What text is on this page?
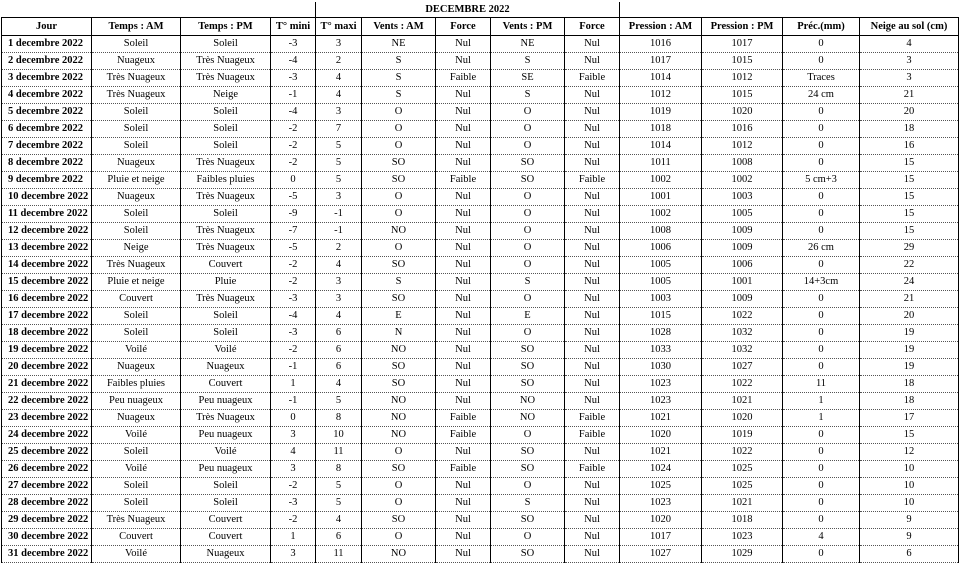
				DECEMBRE 2022								
Jour	Temps : AM	Temps : PM	T° mini	T° maxi	Vents : AM	Force	Vents : PM	Force	Pression : AM	Pression : PM	Préc.(mm)	Neige au sol (cm)
1 decembre 2022	Soleil	Soleil	-3	3	NE	Nul	NE	Nul	1016	1017	0	4
2 decembre 2022	Nuageux	Très Nuageux	-4	2	S	Nul	S	Nul	1017	1015	0	3
3 decembre 2022	Très Nuageux	Très Nuageux	-3	4	S	Faible	SE	Faible	1014	1012	Traces	3
4 decembre 2022	Très Nuageux	Neige	-1	4	S	Nul	S	Nul	1012	1015	24 cm	21
5 decembre 2022	Soleil	Soleil	-4	3	O	Nul	O	Nul	1019	1020	0	20
6 decembre 2022	Soleil	Soleil	-2	7	O	Nul	O	Nul	1018	1016	0	18
7 decembre 2022	Soleil	Soleil	-2	5	O	Nul	O	Nul	1014	1012	0	16
8 decembre 2022	Nuageux	Très Nuageux	-2	5	SO	Nul	SO	Nul	1011	1008	0	15
9 decembre 2022	Pluie et neige	Faibles pluies	0	5	SO	Faible	SO	Faible	1002	1002	5 cm+3	15
10 decembre 2022	Nuageux	Très Nuageux	-5	3	O	Nul	O	Nul	1001	1003	0	15
11 decembre 2022	Soleil	Soleil	-9	-1	O	Nul	O	Nul	1002	1005	0	15
12 decembre 2022	Soleil	Très Nuageux	-7	-1	NO	Nul	O	Nul	1008	1009	0	15
13 decembre 2022	Neige	Très Nuageux	-5	2	O	Nul	O	Nul	1006	1009	26 cm	29
14 decembre 2022	Très Nuageux	Couvert	-2	4	SO	Nul	O	Nul	1005	1006	0	22
15 decembre 2022	Pluie et neige	Pluie	-2	3	S	Nul	S	Nul	1005	1001	14+3cm	24
16 decembre 2022	Couvert	Très Nuageux	-3	3	SO	Nul	O	Nul	1003	1009	0	21
17 decembre 2022	Soleil	Soleil	-4	4	E	Nul	E	Nul	1015	1022	0	20
18 decembre 2022	Soleil	Soleil	-3	6	N	Nul	O	Nul	1028	1032	0	19
19 decembre 2022	Voilé	Voilé	-2	6	NO	Nul	SO	Nul	1033	1032	0	19
20 decembre 2022	Nuageux	Nuageux	-1	6	SO	Nul	SO	Nul	1030	1027	0	19
21 decembre 2022	Faibles pluies	Couvert	1	4	SO	Nul	SO	Nul	1023	1022	11	18
22 decembre 2022	Peu nuageux	Peu nuageux	-1	5	NO	Nul	NO	Nul	1023	1021	1	18
23 decembre 2022	Nuageux	Très Nuageux	0	8	NO	Faible	NO	Faible	1021	1020	1	17
24 decembre 2022	Voilé	Peu nuageux	3	10	NO	Faible	O	Faible	1020	1019	0	15
25 decembre 2022	Soleil	Voilé	4	11	O	Nul	SO	Nul	1021	1022	0	12
26 decembre 2022	Voilé	Peu nuageux	3	8	SO	Faible	SO	Faible	1024	1025	0	10
27 decembre 2022	Soleil	Soleil	-2	5	O	Nul	O	Nul	1025	1025	0	10
28 decembre 2022	Soleil	Soleil	-3	5	O	Nul	S	Nul	1023	1021	0	10
29 decembre 2022	Très Nuageux	Couvert	-2	4	SO	Nul	SO	Nul	1020	1018	0	9
30 decembre 2022	Couvert	Couvert	1	6	O	Nul	O	Nul	1017	1023	4	9
31 decembre 2022	Voilé	Nuageux	3	11	NO	Nul	SO	Nul	1027	1029	0	6
